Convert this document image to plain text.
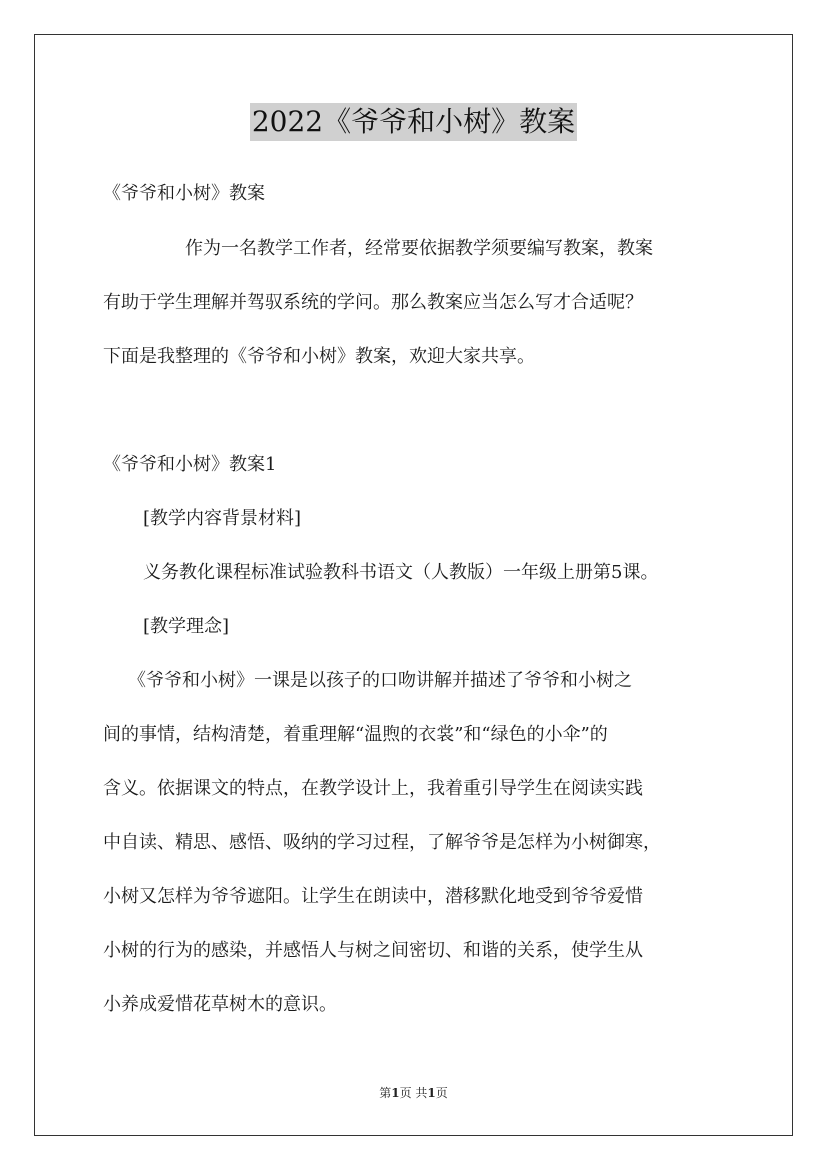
2022《爷爷和小树》教案
《爷爷和小树》教案
作为一名教学工作者，经常要依据教学须要编写教案，教案
有助于学生理解并驾驭系统的学问。那么教案应当怎么写才合适呢？
下面是我整理的《爷爷和小树》教案，欢迎大家共享。
《爷爷和小树》教案1
[教学内容背景材料]
义务教化课程标准试验教科书语文（人教版）一年级上册第5课。
[教学理念]
《爷爷和小树》一课是以孩子的口吻讲解并描述了爷爷和小树之
间的事情，结构清楚，着重理解“温煦的衣裳”和“绿色的小伞”的
含义。依据课文的特点，在教学设计上，我着重引导学生在阅读实践
中自读、精思、感悟、吸纳的学习过程，了解爷爷是怎样为小树御寒，
小树又怎样为爷爷遮阳。让学生在朗读中，潜移默化地受到爷爷爱惜
小树的行为的感染，并感悟人与树之间密切、和谐的关系，使学生从
小养成爱惜花草树木的意识。
第1页 共1页
